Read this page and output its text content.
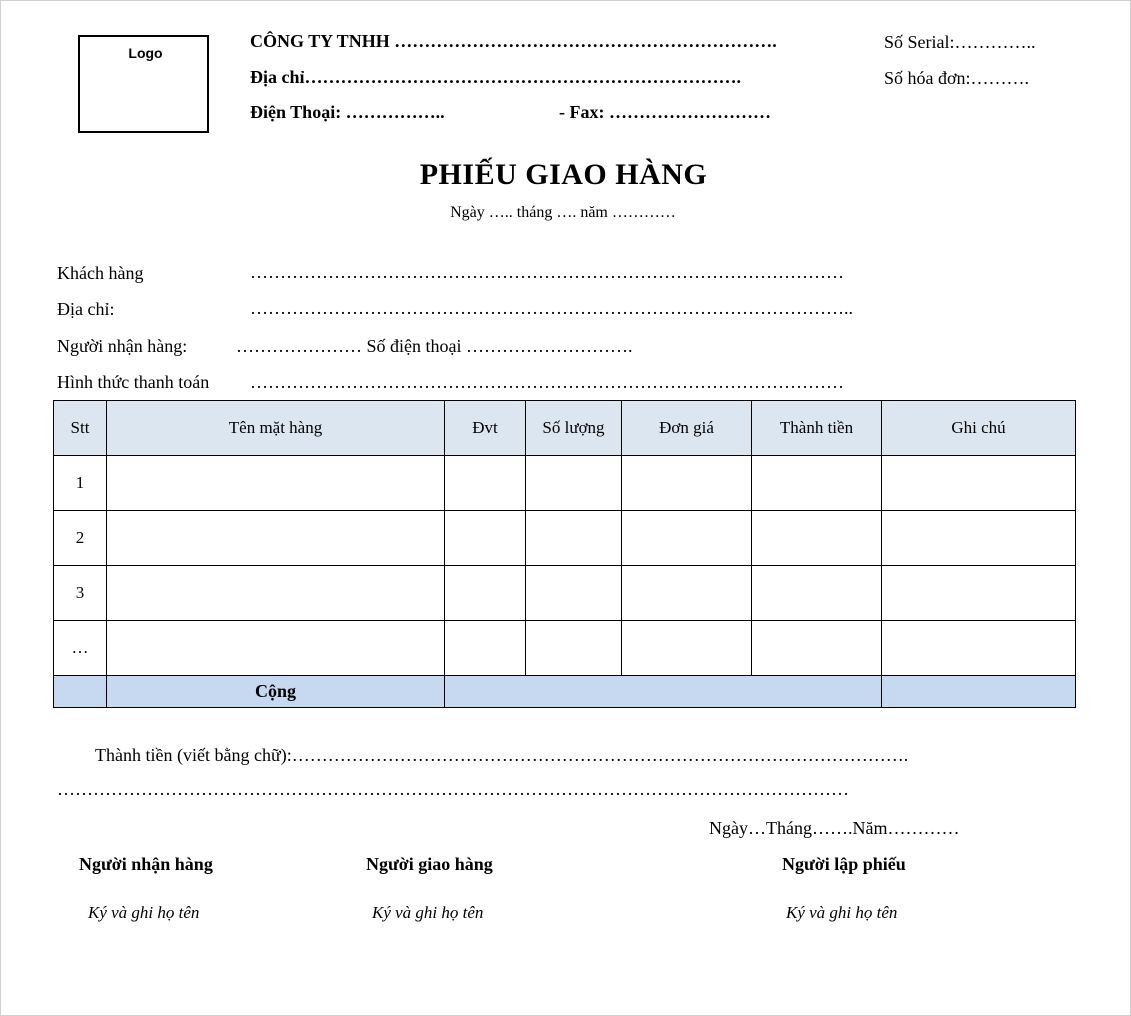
Logo
CÔNG TY TNHH ……………………………………………………….
Địa chỉ……………………………………………………………….
Điện Thoại: ……………..	- Fax: ………………………
Số Serial:…………..
Số hóa đơn:……….
PHIẾU GIAO HÀNG
Ngày ….. tháng …. năm …………
Khách hàng	………………………………………………………………………………………
Địa chỉ:	………………………………………………………………………………………..
Người nhận hàng:	………………… Số điện thoại ……………………….
Hình thức thanh toán ………………………………………………………………………………………
Stt	Tên mặt hàng	Đvt	Số lượng	Đơn giá	Thành tiền	Ghi chú
1						
2						
3						
…						
	Cộng					
Thành tiền (viết bằng chữ):………………………………………………………………………………………….
……………………………………………………………………………………………………………………
Ngày…Tháng…….Năm…………
Người nhận hàng	Người giao hàng	Người lập phiếu
Ký và ghi họ tên	Ký và ghi họ tên	Ký và ghi họ tên
